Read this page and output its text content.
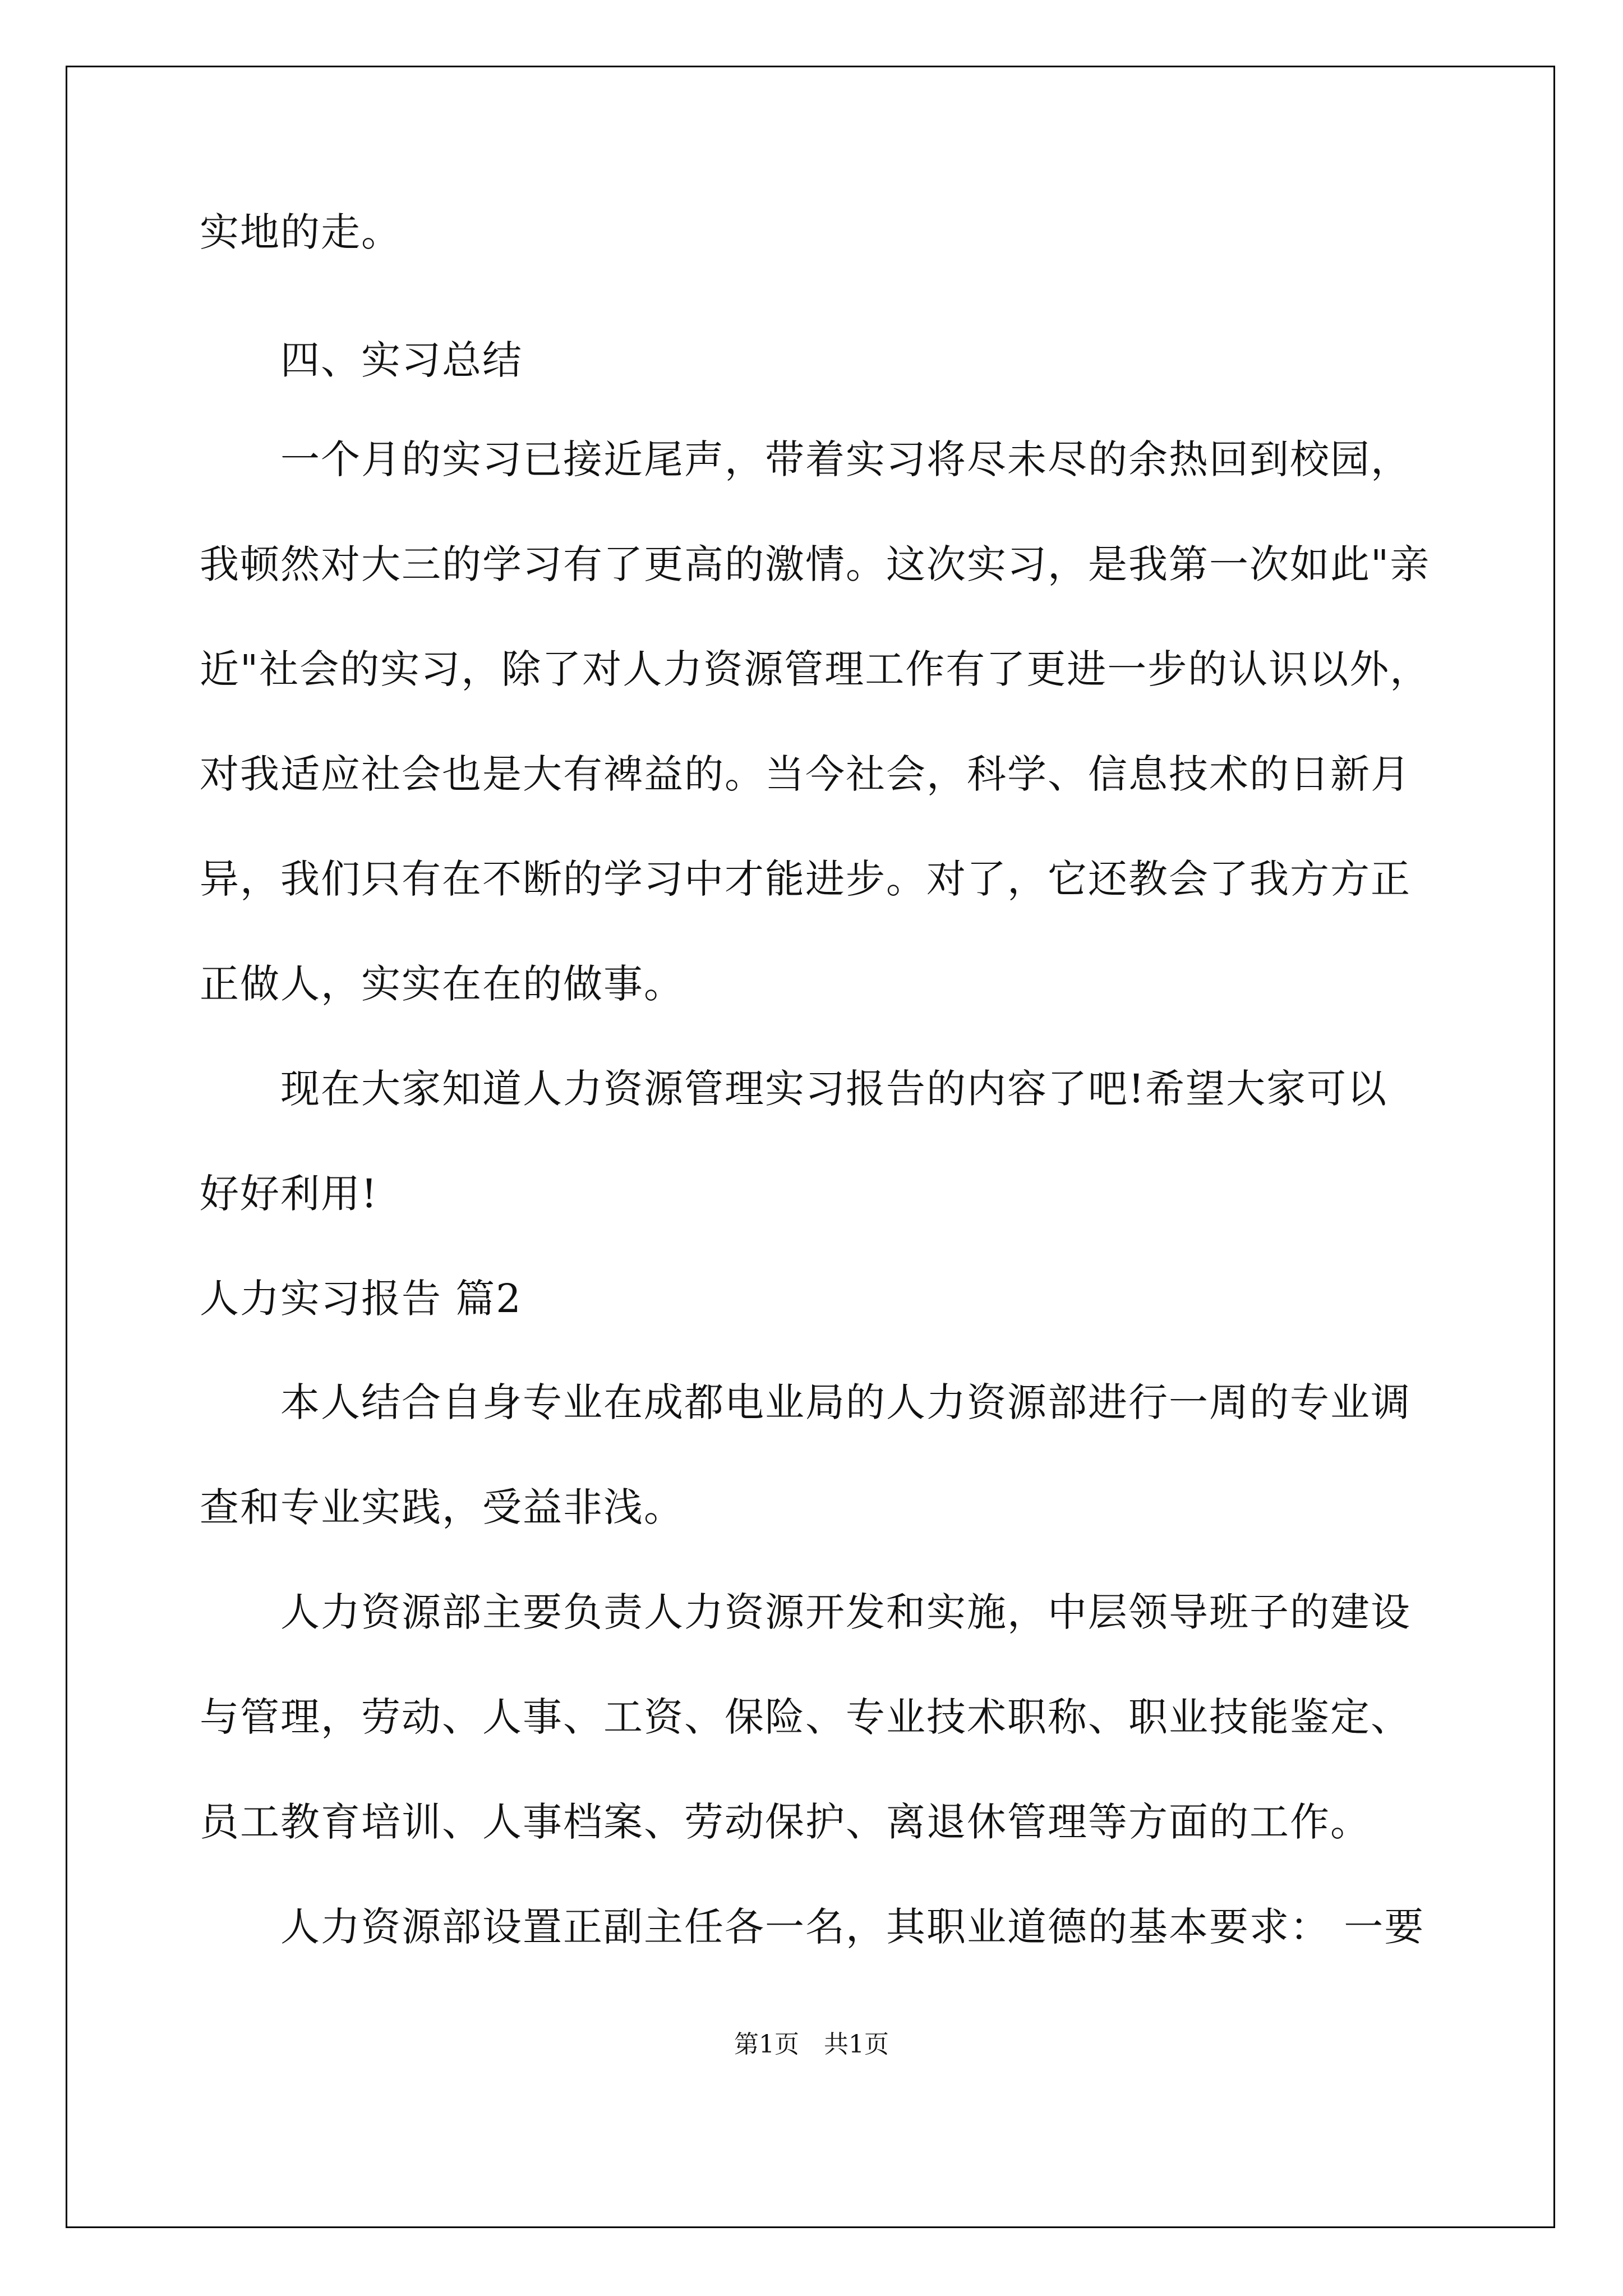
实地的走。
四、实习总结
一个月的实习已接近尾声，带着实习将尽未尽的余热回到校园，
我顿然对大三的学习有了更高的激情。这次实习，是我第一次如此"亲
近"社会的实习，除了对人力资源管理工作有了更进一步的认识以外，
对我适应社会也是大有裨益的。当今社会，科学、信息技术的日新月
异，我们只有在不断的学习中才能进步。对了，它还教会了我方方正
正做人，实实在在的做事。
现在大家知道人力资源管理实习报告的内容了吧!希望大家可以
好好利用!
人力实习报告 篇2
本人结合自身专业在成都电业局的人力资源部进行一周的专业调
查和专业实践，受益非浅。
人力资源部主要负责人力资源开发和实施，中层领导班子的建设
与管理，劳动、人事、工资、保险、专业技术职称、职业技能鉴定、
员工教育培训、人事档案、劳动保护、离退休管理等方面的工作。
人力资源部设置正副主任各一名，其职业道德的基本要求： 一要
第1页　共1页
